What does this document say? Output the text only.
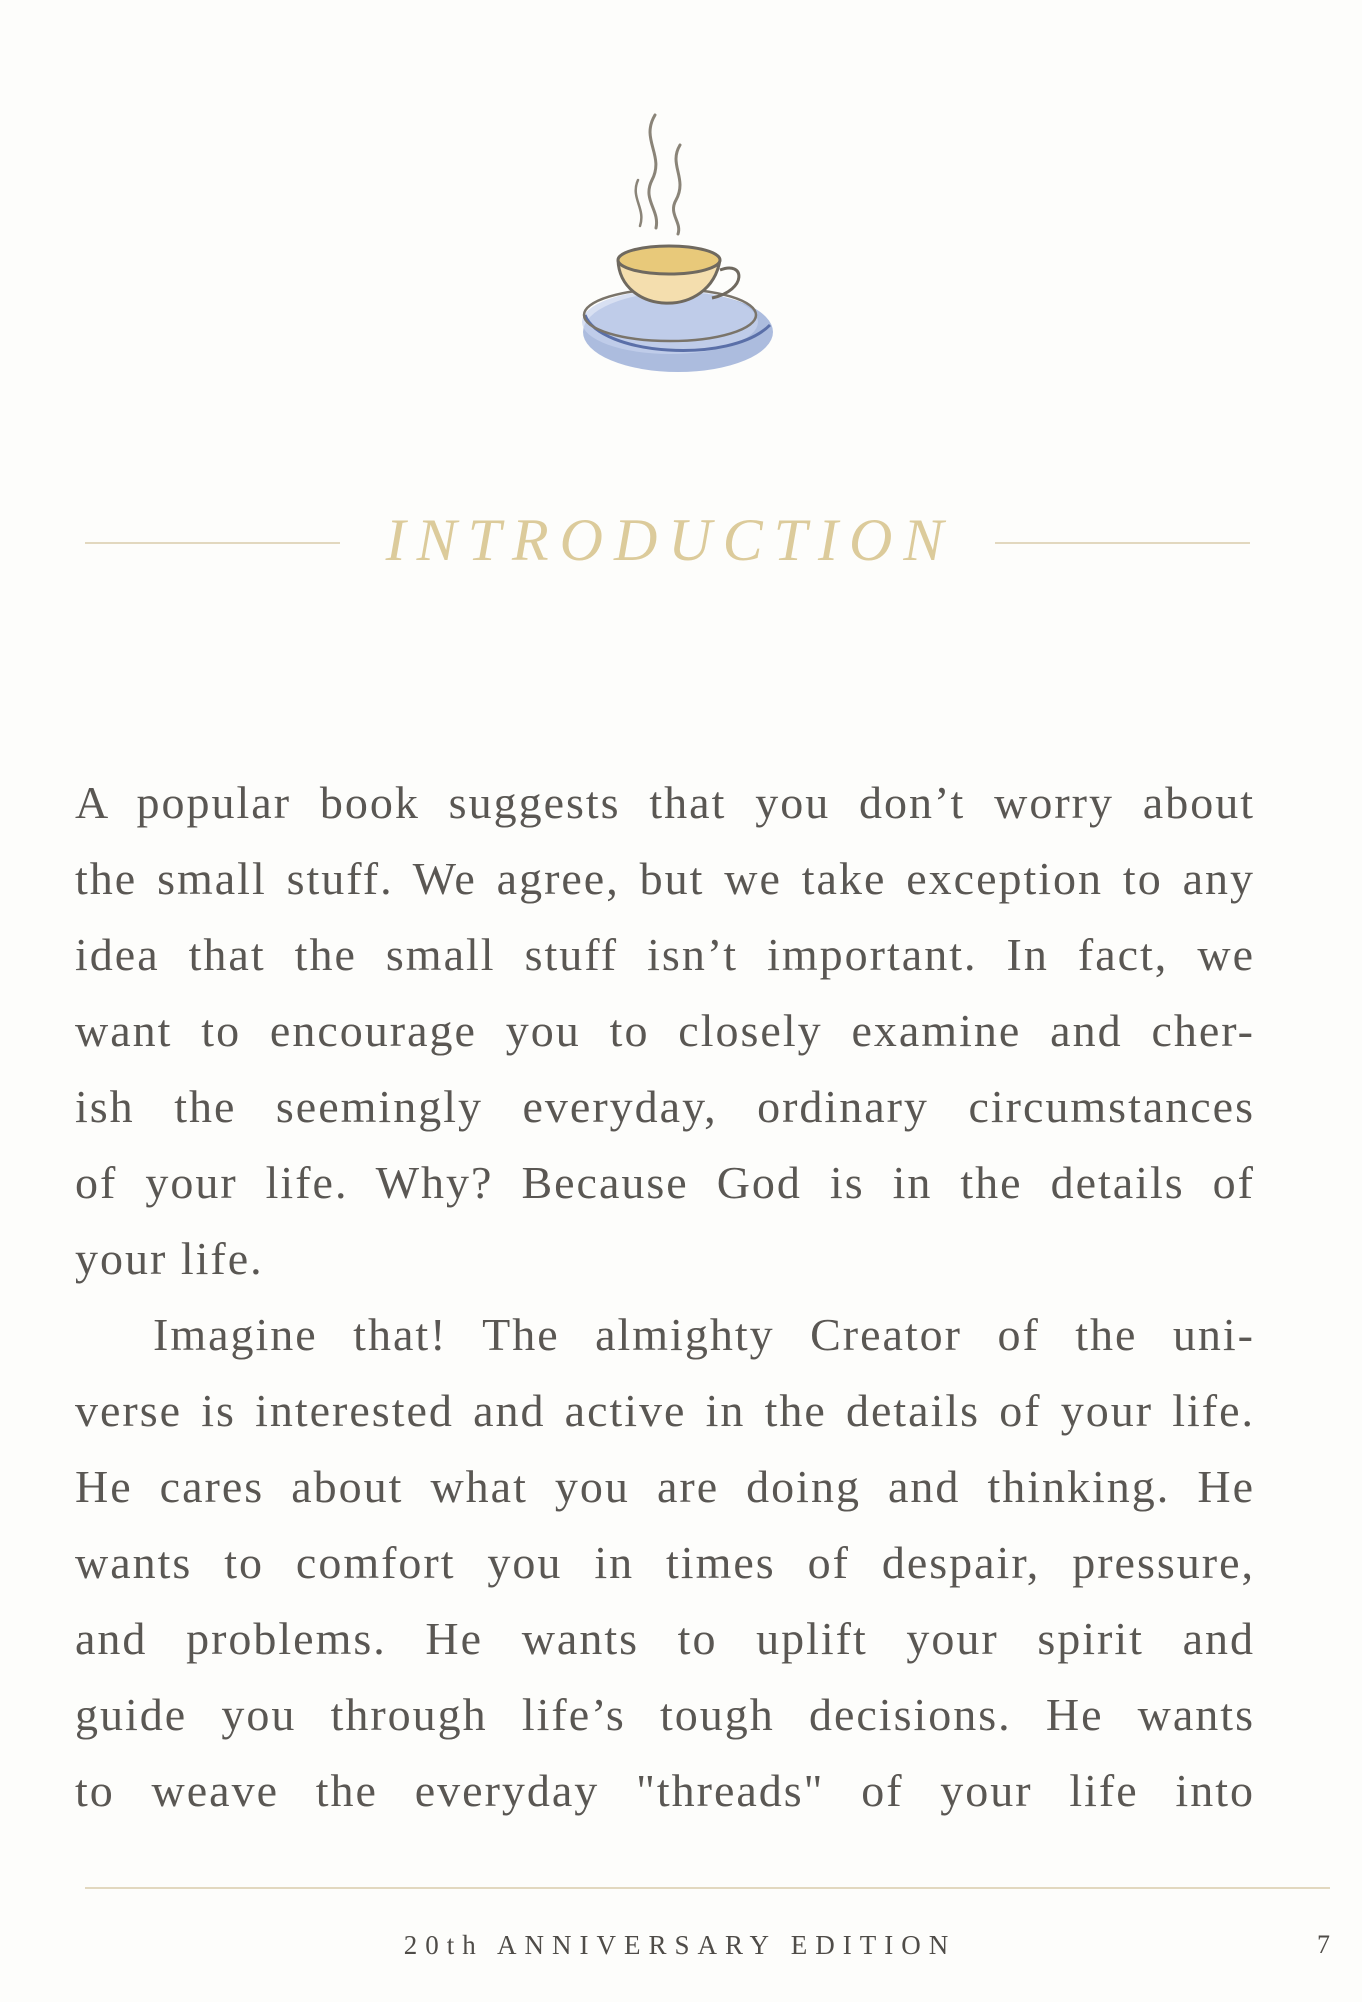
INTRODUCTION
A popular book suggests that you don’t worry about
the small stuff. We agree, but we take exception to any
idea that the small stuff isn’t important. In fact, we
want to encourage you to closely examine and cher-
ish the seemingly everyday, ordinary circumstances
of your life. Why? Because God is in the details of
your life.
Imagine that! The almighty Creator of the uni-
verse is interested and active in the details of your life.
He cares about what you are doing and thinking. He
wants to comfort you in times of despair, pressure,
and problems. He wants to uplift your spirit and
guide you through life’s tough decisions. He wants
to weave the everyday "threads" of your life into
20th ANNIVERSARY EDITION	7
